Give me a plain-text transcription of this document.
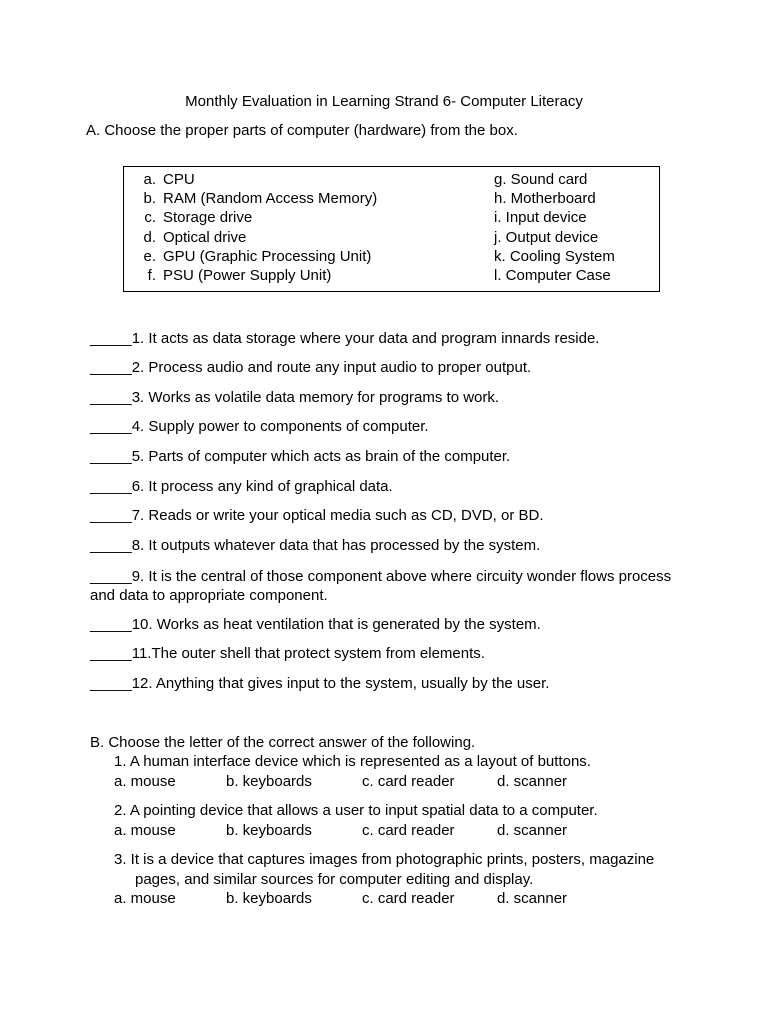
Monthly Evaluation in Learning Strand 6- Computer Literacy
A. Choose the proper parts of computer (hardware) from the box.
a. CPU
b. RAM (Random Access Memory)
c. Storage drive
d. Optical drive
e. GPU (Graphic Processing Unit)
f. PSU (Power Supply Unit)
g. Sound card
h. Motherboard
i. Input device
j. Output device
k. Cooling System
l. Computer Case
_____1. It acts as data storage where your data and program innards reside.
_____2. Process audio and route any input audio to proper output.
_____3. Works as volatile data memory for programs to work.
_____4. Supply power to components of computer.
_____5. Parts of computer which acts as brain of the computer.
_____6. It process any kind of graphical data.
_____7. Reads or write your optical media such as CD, DVD, or BD.
_____8. It outputs whatever data that has processed by the system.
_____9. It is the central of those component above where circuity wonder flows process and data to appropriate component.
_____10. Works as heat ventilation that is generated by the system.
_____11.The outer shell that protect system from elements.
_____12. Anything that gives input to the system, usually by the user.
B. Choose the letter of the correct answer of the following.
1. A human interface device which is represented as a layout of buttons.
a. mouse	b. keyboards	c. card reader	d. scanner
2. A pointing device that allows a user to input spatial data to a computer.
a. mouse	b. keyboards	c. card reader	d. scanner
3. It is a device that captures images from photographic prints, posters, magazine
pages, and similar sources for computer editing and display.
a. mouse	b. keyboards	c. card reader	d. scanner
